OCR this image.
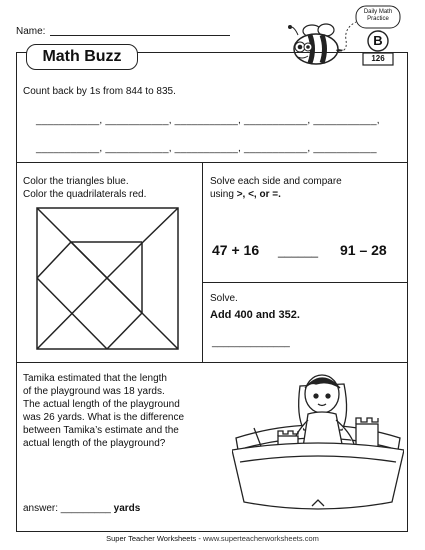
Name:
Daily Math
Practice
B
126
Math Buzz
Count back by 1s from 844 to 835.
___________, ___________, ___________, ___________, ___________,
___________, ___________, ___________, ___________, ___________
Color the triangles blue.
Color the quadrilaterals red.
Solve each side and compare
using >, <, or =.
47 + 16 ______ 91 – 28
Solve.
Add 400 and 352.
______________
Tamika estimated that the length
of the playground was 18 yards.
The actual length of the playground
was 26 yards. What is the difference
between Tamika’s estimate and the
actual length of the playground?
answer: _________ yards
Super Teacher Worksheets - www.superteacherworksheets.com
